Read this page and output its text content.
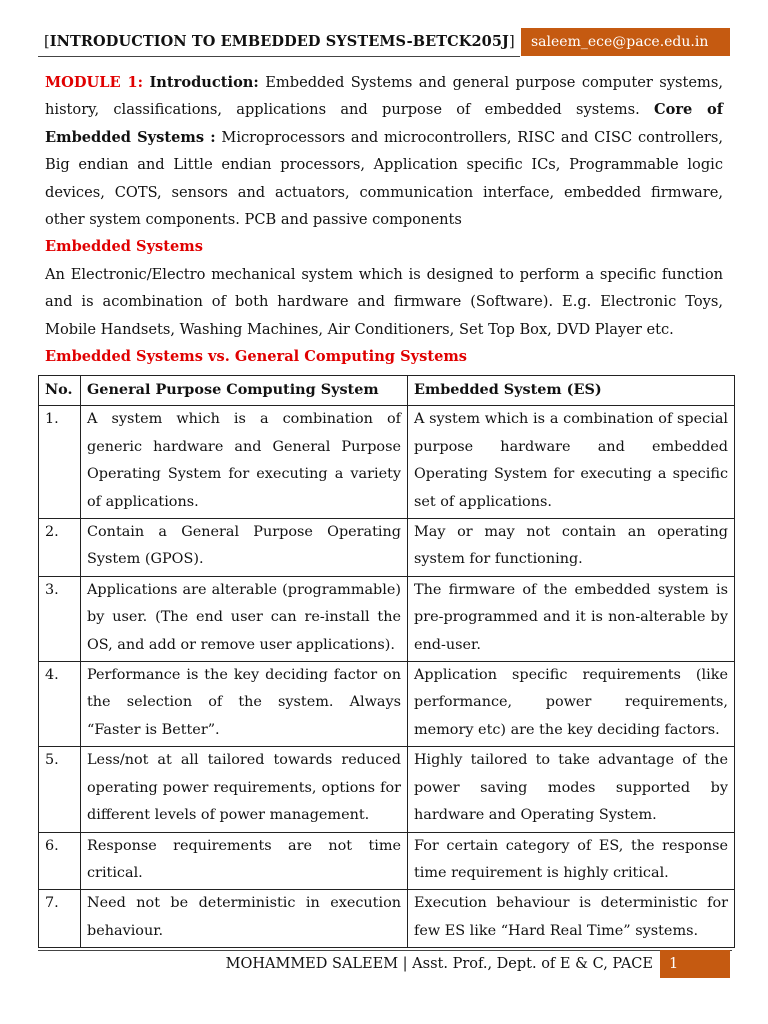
[INTRODUCTION TO EMBEDDED SYSTEMS-BETCK205J]	saleem_ece@pace.edu.in

MODULE 1: Introduction: Embedded Systems and general purpose computer systems, history, classifications, applications and purpose of embedded systems. Core of Embedded Systems : Microprocessors and microcontrollers, RISC and CISC controllers, Big endian and Little endian processors, Application specific ICs, Programmable logic devices, COTS, sensors and actuators, communication interface, embedded firmware, other system components. PCB and passive components

Embedded Systems

An Electronic/Electro mechanical system which is designed to perform a specific function and is acombination of both hardware and firmware (Software). E.g. Electronic Toys, Mobile Handsets, Washing Machines, Air Conditioners, Set Top Box, DVD Player etc.

Embedded Systems vs. General Computing Systems

No.	General Purpose Computing System	Embedded System (ES)
1.	A system which is a combination of generic hardware and General Purpose Operating System for executing a variety of applications.	A system which is a combination of special purpose hardware and embedded Operating System for executing a specific set of applications.
2.	Contain a General Purpose Operating System (GPOS).	May or may not contain an operating system for functioning.
3.	Applications are alterable (programmable) by user. (The end user can re-install the OS, and add or remove user applications).	The firmware of the embedded system is pre-programmed and it is non-alterable by end-user.
4.	Performance is the key deciding factor on the selection of the system. Always “Faster is Better”.	Application specific requirements (like performance, power requirements, memory etc) are the key deciding factors.
5.	Less/not at all tailored towards reduced operating power requirements, options for different levels of power management.	Highly tailored to take advantage of the power saving modes supported by hardware and Operating System.
6.	Response requirements are not time critical.	For certain category of ES, the response time requirement is highly critical.
7.	Need not be deterministic in execution behaviour.	Execution behaviour is deterministic for few ES like “Hard Real Time” systems.
MOHAMMED SALEEM | Asst. Prof., Dept. of E & C, PACE	1
